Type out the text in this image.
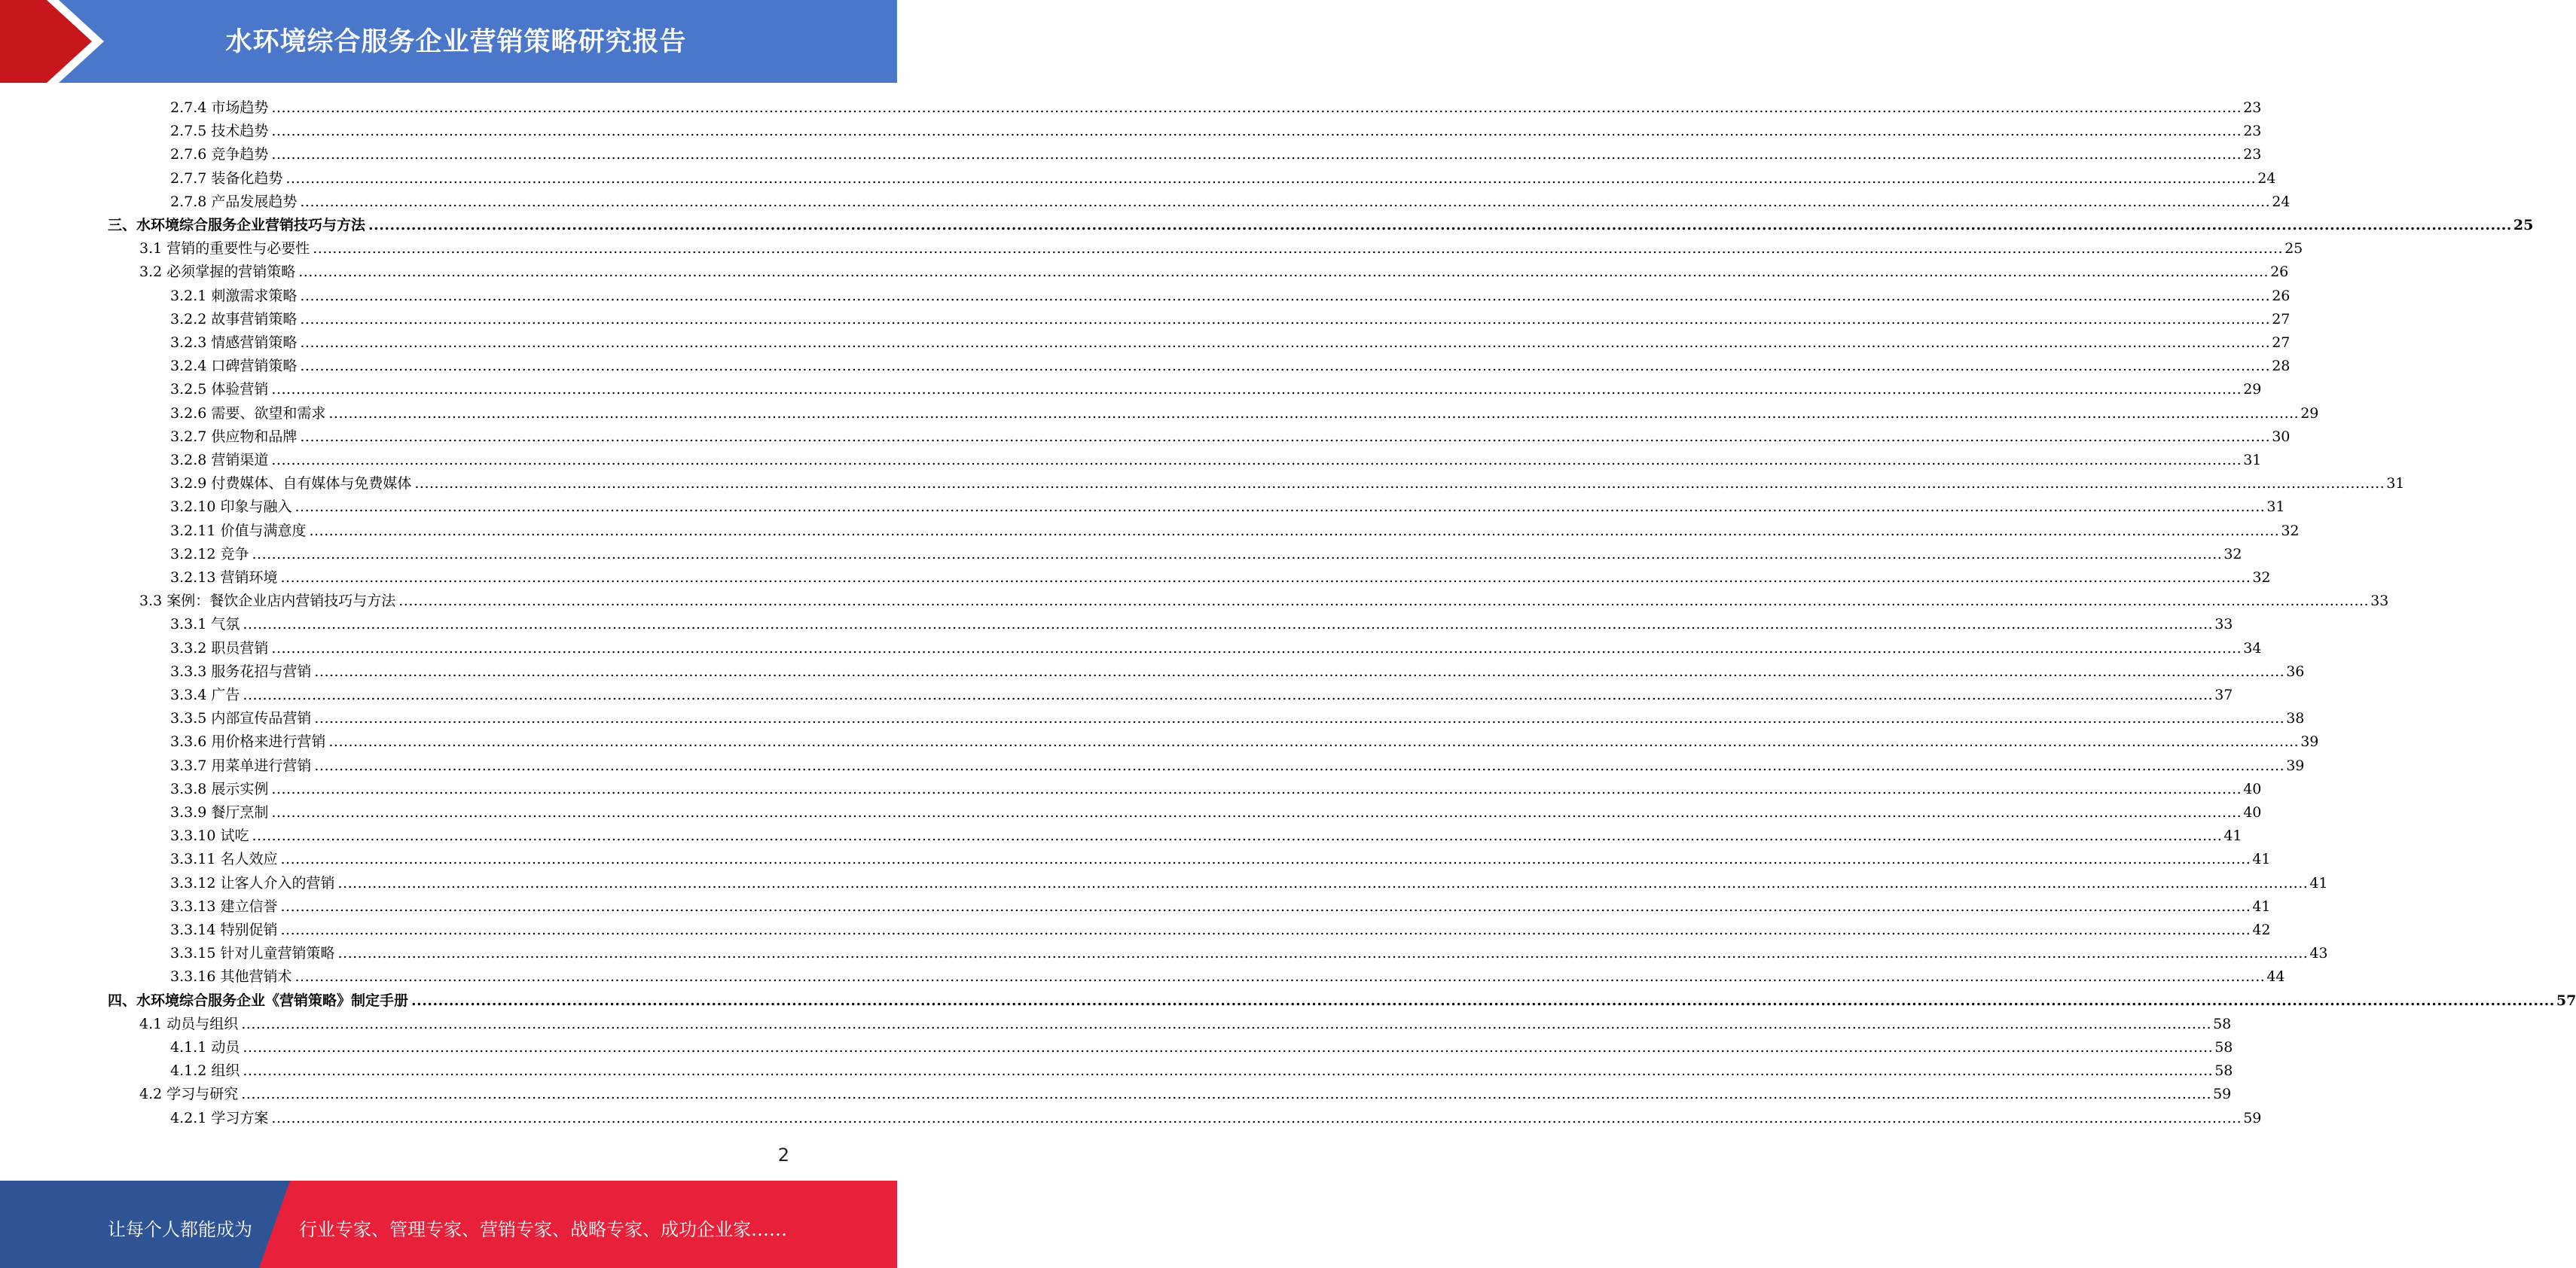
水环境综合服务企业营销策略研究报告
2.7.4 市场趋势 ................................................................................................................................................................................................................................................................................................................................................................................................................ 23
2.7.5 技术趋势 ................................................................................................................................................................................................................................................................................................................................................................................................................ 23
2.7.6 竞争趋势 ................................................................................................................................................................................................................................................................................................................................................................................................................ 23
2.7.7 装备化趋势 ................................................................................................................................................................................................................................................................................................................................................................................................................ 24
2.7.8 产品发展趋势 ................................................................................................................................................................................................................................................................................................................................................................................................................ 24
三、水环境综合服务企业营销技巧与方法 ................................................................................................................................................................................................................................................................................................................................................................................................................ 25
3.1 营销的重要性与必要性 ................................................................................................................................................................................................................................................................................................................................................................................................................ 25
3.2 必须掌握的营销策略 ................................................................................................................................................................................................................................................................................................................................................................................................................ 26
3.2.1 刺激需求策略 ................................................................................................................................................................................................................................................................................................................................................................................................................ 26
3.2.2 故事营销策略 ................................................................................................................................................................................................................................................................................................................................................................................................................ 27
3.2.3 情感营销策略 ................................................................................................................................................................................................................................................................................................................................................................................................................ 27
3.2.4 口碑营销策略 ................................................................................................................................................................................................................................................................................................................................................................................................................ 28
3.2.5 体验营销 ................................................................................................................................................................................................................................................................................................................................................................................................................ 29
3.2.6 需要、欲望和需求 ................................................................................................................................................................................................................................................................................................................................................................................................................ 29
3.2.7 供应物和品牌 ................................................................................................................................................................................................................................................................................................................................................................................................................ 30
3.2.8 营销渠道 ................................................................................................................................................................................................................................................................................................................................................................................................................ 31
3.2.9 付费媒体、自有媒体与免费媒体 ................................................................................................................................................................................................................................................................................................................................................................................................................ 31
3.2.10 印象与融入 ................................................................................................................................................................................................................................................................................................................................................................................................................ 31
3.2.11 价值与满意度 ................................................................................................................................................................................................................................................................................................................................................................................................................ 32
3.2.12 竞争 ................................................................................................................................................................................................................................................................................................................................................................................................................ 32
3.2.13 营销环境 ................................................................................................................................................................................................................................................................................................................................................................................................................ 32
3.3 案例：餐饮企业店内营销技巧与方法 ................................................................................................................................................................................................................................................................................................................................................................................................................ 33
3.3.1 气氛 ................................................................................................................................................................................................................................................................................................................................................................................................................ 33
3.3.2 职员营销 ................................................................................................................................................................................................................................................................................................................................................................................................................ 34
3.3.3 服务花招与营销 ................................................................................................................................................................................................................................................................................................................................................................................................................ 36
3.3.4 广告 ................................................................................................................................................................................................................................................................................................................................................................................................................ 37
3.3.5 内部宣传品营销 ................................................................................................................................................................................................................................................................................................................................................................................................................ 38
3.3.6 用价格来进行营销 ................................................................................................................................................................................................................................................................................................................................................................................................................ 39
3.3.7 用菜单进行营销 ................................................................................................................................................................................................................................................................................................................................................................................................................ 39
3.3.8 展示实例 ................................................................................................................................................................................................................................................................................................................................................................................................................ 40
3.3.9 餐厅烹制 ................................................................................................................................................................................................................................................................................................................................................................................................................ 40
3.3.10 试吃 ................................................................................................................................................................................................................................................................................................................................................................................................................ 41
3.3.11 名人效应 ................................................................................................................................................................................................................................................................................................................................................................................................................ 41
3.3.12 让客人介入的营销 ................................................................................................................................................................................................................................................................................................................................................................................................................ 41
3.3.13 建立信誉 ................................................................................................................................................................................................................................................................................................................................................................................................................ 41
3.3.14 特别促销 ................................................................................................................................................................................................................................................................................................................................................................................................................ 42
3.3.15 针对儿童营销策略 ................................................................................................................................................................................................................................................................................................................................................................................................................ 43
3.3.16 其他营销术 ................................................................................................................................................................................................................................................................................................................................................................................................................ 44
四、水环境综合服务企业《营销策略》制定手册 ................................................................................................................................................................................................................................................................................................................................................................................................................ 57
4.1 动员与组织 ................................................................................................................................................................................................................................................................................................................................................................................................................ 58
4.1.1 动员 ................................................................................................................................................................................................................................................................................................................................................................................................................ 58
4.1.2 组织 ................................................................................................................................................................................................................................................................................................................................................................................................................ 58
4.2 学习与研究 ................................................................................................................................................................................................................................................................................................................................................................................................................ 59
4.2.1 学习方案 ................................................................................................................................................................................................................................................................................................................................................................................................................ 59
2
让每个人都能成为	行业专家、管理专家、营销专家、战略专家、成功企业家……
